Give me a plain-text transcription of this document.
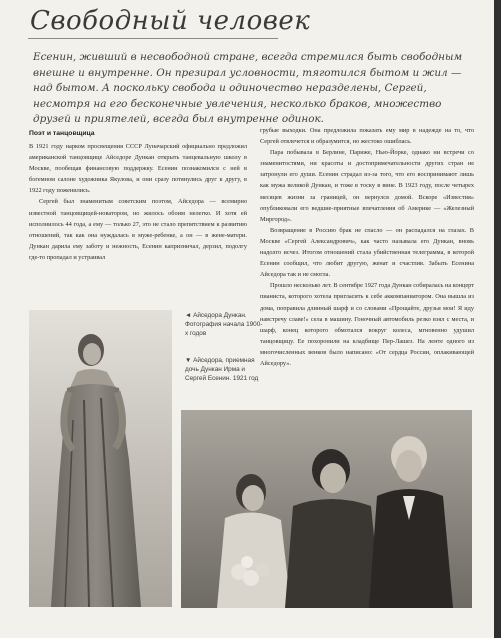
Свободный человек
Есенин, живший в несвободной стране, всегда стремился быть свободным внешне и внутренне. Он презирал условности, тяготился бытом и жил — над бытом. А поскольку свобода и одиночество неразделены, Сергей, несмотря на его бесконечные увлечения, несколько браков, множество друзей и приятелей, всегда был внутренне одинок.
Поэт и танцовщица

В 1921 году нарком просвещения СССР Луначарский официально предложил американской танцовщице Айседоре Дункан открыть танцевальную школу в Москве, пообещав финансовую поддержку. Есенин познакомился с ней в богемном салоне художника Якулова, и они сразу потянулись друг к другу, в 1922 году поженились.

Сергей был знаменитым советским поэтом, Айседора — всемирно известной танцовщицей-новатором, но жилось обоим нелегко. И хотя ей исполнилось 44 года, а ему — только 27, это не стало препятствием к развитию отношений, так как она нуждалась в муже-ребенке, а он — в жене-матери. Дункан дарила ему заботу и нежность, Есенин капризничал, дерзил, подолгу где-то пропадал и устраивал

грубые выходки. Она предложила показать ему мир в надежде на то, что Сергей отвлечется и образумится, но жестоко ошиблась.

Пара побывала в Берлине, Париже, Нью-Йорке, однако ни встречи со знаменитостями, ни красоты и достопримечательности других стран не затронули его души. Есенин страдал из-за того, что его воспринимают лишь как мужа великой Дункан, и тоже в тоску в вине. В 1923 году, после четырех месяцев жизни за границей, он вернулся домой. Вскоре «Известия» опубликовали его ведшие-приятные впечатления об Америке — «Железный Миргород».

Возвращение в Россию брак не спасло — он распадался на глазах. В Москве «Сергей Александрович», как часто называла его Дункан, вновь надолго исчез. Итогом отношений стала убийственная телеграмма, в которой Есенин сообщил, что любит другую, женат и счастлив. Забыть Есенина Айседора так и не смогла.

Прошло несколько лет. В сентябре 1927 года Дункан собиралась на концерт пианиста, которого хотела пригласить к себе аккомпаниатором. Она вышла из дома, поправила длинный шарф и со словами «Прощайте, друзья мои! Я иду навстречу славе!» села в машину. Гоночный автомобиль резко взял с места, и шарф, конец которого обмотался вокруг колеса, мгновенно удушил танцовщицу. Ее похоронили на кладбище Пер-Лашез. На ленте одного из многочисленных венков было написано: «От сердца России, оплакивающей Айседору».

◄ Айседора Дункан. Фотография начала 1900-х годов
▼ Айседора, приемная дочь Дункан Ирма и Сергей Есенин. 1921 год
